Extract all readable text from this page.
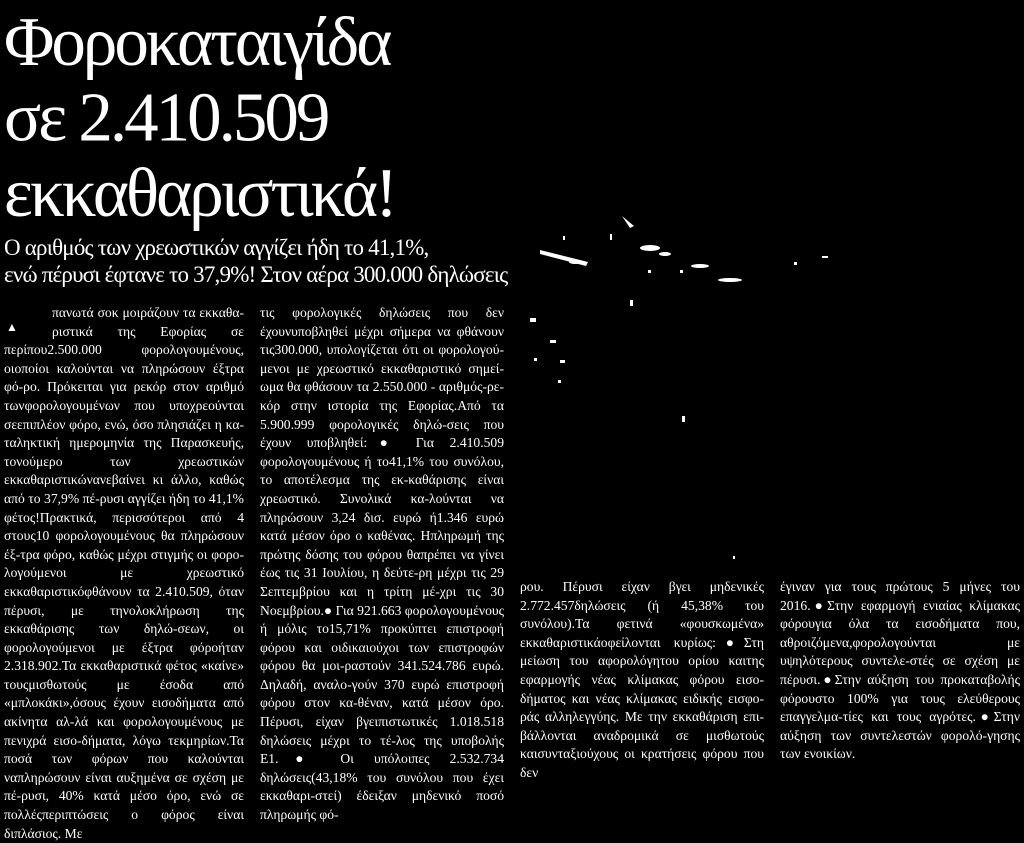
Φοροκαταιγίδα
σε 2.410.509
εκκαθαριστικά!
Ο αριθμός των χρεωστικών αγγίζει ήδη το 41,1%,
ενώ πέρυσι έφτανε το 37,9%! Στον αέρα 300.000 δηλώσεις
▲
πανωτά σοκ μοιράζουν τα εκκαθα-ριστικά της Εφορίας σε περίπου2.500.000 φορολογουμένους, οιοποίοι καλούνται να πληρώσουν έξτρα φό-ρο. Πρόκειται για ρεκόρ στον αριθμό τωνφορολογουμένων που υποχρεούνται σεεπιπλέον φόρο, ενώ, όσο πλησιάζει η κα-ταληκτική ημερομηνία της Παρασκευής, τονούμερο των χρεωστικών εκκαθαριστικώνανεβαίνει κι άλλο, καθώς από το 37,9% πέ-ρυσι αγγίζει ήδη το 41,1% φέτος!Πρακτικά, περισσότεροι από 4 στους10 φορολογουμένους θα πληρώσουν έξ-τρα φόρο, καθώς μέχρι στιγμής οι φορο-λογούμενοι με χρεωστικό εκκαθαριστικόφθάνουν τα 2.410.509, όταν πέρυσι, με τηνολοκλήρωση της εκκαθάρισης των δηλώ-σεων, οι φορολογούμενοι με έξτρα φόροήταν 2.318.902.Τα εκκαθαριστικά φέτος «καίνε» τουςμισθωτούς με έσοδα από «μπλοκάκι»,όσους έχουν εισοδήματα από ακίνητα αλ-λά και φορολογουμένους με πενιχρά εισο-δήματα, λόγω τεκμηρίων.Τα ποσά των φόρων που καλούνται ναπληρώσουν είναι αυξημένα σε σχέση με πέ-ρυσι, 40% κατά μέσο όρο, ενώ σε πολλέςπεριπτώσεις ο φόρος είναι διπλάσιος. Με
τις φορολογικές δηλώσεις που δεν έχουνυποβληθεί μέχρι σήμερα να φθάνουν τις300.000, υπολογίζεται ότι οι φορολογού-μενοι με χρεωστικό εκκαθαριστικό σημεί-ωμα θα φθάσουν τα 2.550.000 - αριθμός-ρε-κόρ στην ιστορία της Εφορίας.Από τα 5.900.999 φορολογικές δηλώ-σεις που έχουν υποβληθεί:● Για 2.410.509 φορολογουμένους ή το41,1% του συνόλου, το αποτέλεσμα της εκ-καθάρισης είναι χρεωστικό. Συνολικά κα-λούνται να πληρώσουν 3,24 δισ. ευρώ ή1.346 ευρώ κατά μέσον όρο ο καθένας. Ηπληρωμή της πρώτης δόσης του φόρου θαπρέπει να γίνει έως τις 31 Ιουλίου, η δεύτε-ρη μέχρι τις 29 Σεπτεμβρίου και η τρίτη μέ-χρι τις 30 Νοεμβρίου.● Για 921.663 φορολογουμένους ή μόλις το15,71% προκύπτει επιστροφή φόρου και οιδικαιούχοι των επιστροφών φόρου θα μοι-ραστούν 341.524.786 ευρώ. Δηλαδή, αναλο-γούν 370 ευρώ επιστροφή φόρου στον κα-θέναν, κατά μέσον όρο. Πέρυσι, είχαν βγειπιστωτικές 1.018.518 δηλώσεις μέχρι το τέ-λος της υποβολής Ε1.● Οι υπόλοιπες 2.532.734 δηλώσεις(43,18% του συνόλου που έχει εκκαθαρι-στεί) έδειξαν μηδενικό ποσό πληρωμής φό-
ρου. Πέρυσι είχαν βγει μηδενικές 2.772.457δηλώσεις (ή 45,38% του συνόλου).Τα φετινά «φουσκωμένα» εκκαθαριστικάοφείλονται κυρίως:●Στη μείωση του αφορολόγητου ορίου καιτης εφαρμογής νέας κλίμακας φόρου εισο-δήματος και νέας κλίμακας ειδικής εισφο-ράς αλληλεγγύης. Με την εκκαθάριση επι-βάλλονται αναδρομικά σε μισθωτούς καισυνταξιούχους οι κρατήσεις φόρου που δεν
έγιναν για τους πρώτους 5 μήνες του 2016.●Στην εφαρμογή ενιαίας κλίμακας φόρουγια όλα τα εισοδήματα που, αθροιζόμενα,φορολογούνται με υψηλότερους συντελε-στές σε σχέση με πέρυσι.●Στην αύξηση του προκαταβολής φόρουστο 100% για τους ελεύθερους επαγγελμα-τίες και τους αγρότες.●Στην αύξηση των συντελεστών φορολό-γησης των ενοικίων.
